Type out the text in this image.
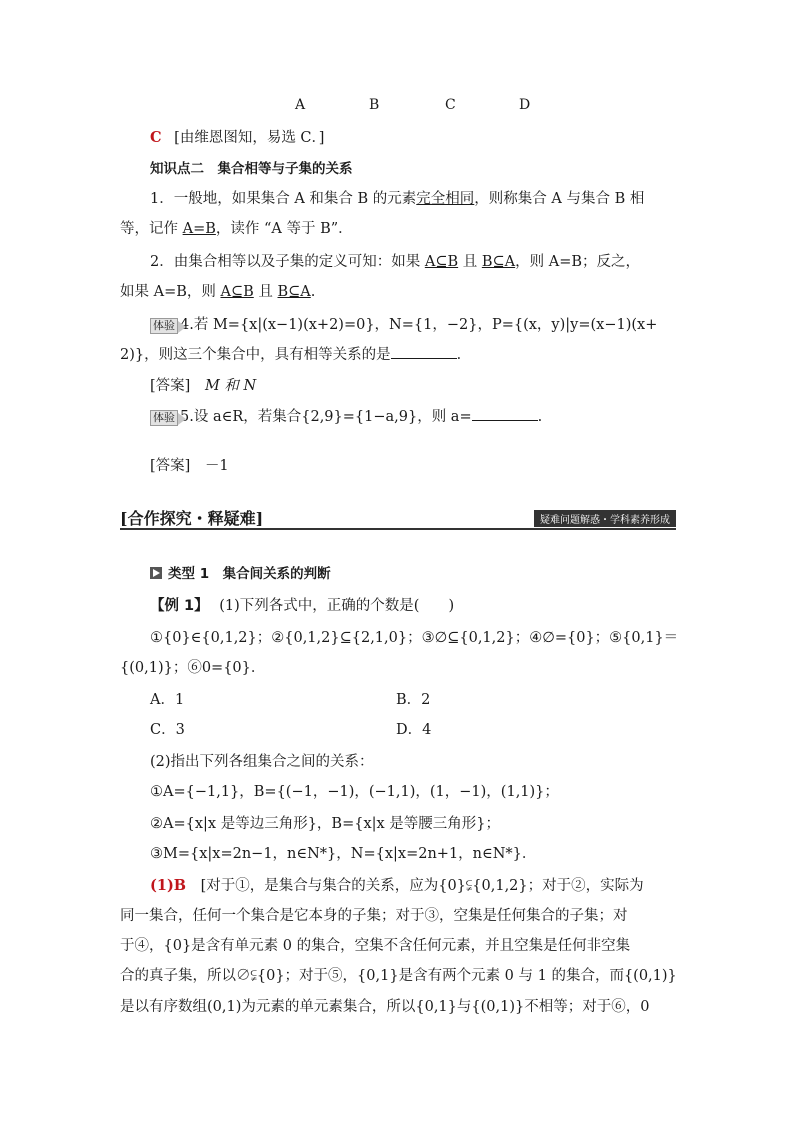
A	B	C	D
C [由维恩图知，易选 C．]
知识点二　集合相等与子集的关系
1．一般地，如果集合 A 和集合 B 的元素完全相同，则称集合 A 与集合 B 相
等，记作 A=B，读作 “A 等于 B”．
2．由集合相等以及子集的定义可知：如果 A⊆B 且 B⊆A，则 A=B；反之，
如果 A=B，则 A⊆B 且 B⊆A.
体验 4.若 M={x|(x−1)(x+2)=0}，N={1，−2}，P={(x，y)|y=(x−1)(x+
2)}，则这三个集合中，具有相等关系的是	．
[答案] M 和 N
体验 5.设 a∈R，若集合{2,9}={1−a,9}，则 a=	.
[答案] －1
[合作探究・释疑难]	疑难问题解惑・学科素养形成
类型 1　集合间关系的判断
【例 1】 (1)下列各式中，正确的个数是(　　)
①{0}∈{0,1,2}；②{0,1,2}⊆{2,1,0}；③∅⊆{0,1,2}；④∅={0}；⑤{0,1}＝
{(0,1)}；⑥0={0}．
A．1	B．2
C．3	D．4
(2)指出下列各组集合之间的关系：
①A={−1,1}，B={(−1，−1)，(−1,1)，(1，−1)，(1,1)}；
②A={x|x 是等边三角形}，B={x|x 是等腰三角形}；
③M={x|x=2n−1，n∈N*}，N={x|x=2n+1，n∈N*}．
(1)B　[对于①，是集合与集合的关系，应为{0}⫋{0,1,2}；对于②，实际为
同一集合，任何一个集合是它本身的子集；对于③，空集是任何集合的子集；对
于④，{0}是含有单元素 0 的集合，空集不含任何元素，并且空集是任何非空集
合的真子集，所以∅⫋{0}；对于⑤，{0,1}是含有两个元素 0 与 1 的集合，而{(0,1)}
是以有序数组(0,1)为元素的单元素集合，所以{0,1}与{(0,1)}不相等；对于⑥，0
